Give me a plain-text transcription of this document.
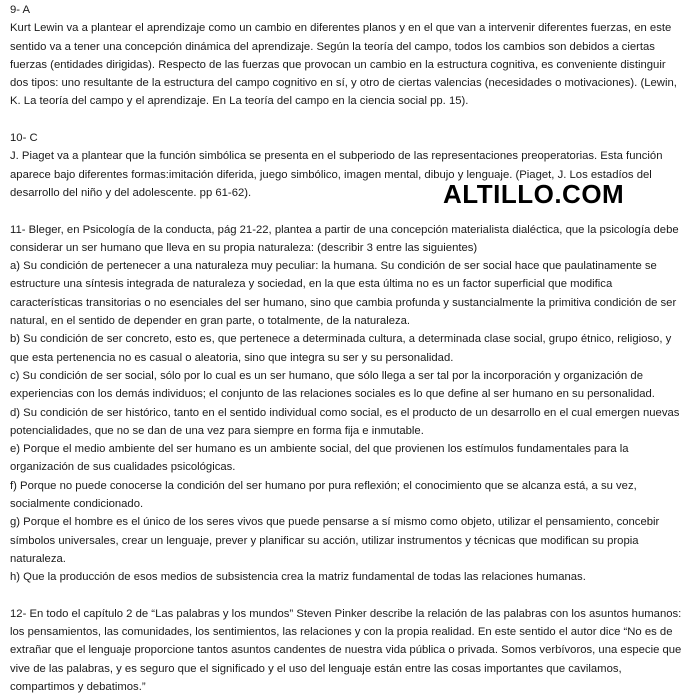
9- A

Kurt Lewin va a plantear el aprendizaje como un cambio en diferentes planos y en el que van a intervenir diferentes fuerzas, en este sentido va a tener una concepción dinámica del aprendizaje. Según la teoría del campo, todos los cambios son debidos a ciertas fuerzas (entidades dirigidas). Respecto de las fuerzas que provocan un cambio en la estructura cognitiva, es conveniente distinguir dos tipos: uno resultante de la estructura del campo cognitivo en sí, y otro de ciertas valencias (necesidades o motivaciones). (Lewin, K. La teoría del campo y el aprendizaje. En La teoría del campo en la ciencia social pp. 15).

10- C

J. Piaget va a plantear que la función simbólica se presenta en el subperiodo de las representaciones preoperatorias. Esta función aparece bajo diferentes formas:imitación diferida, juego simbólico, imagen mental, dibujo y lenguaje. (Piaget, J. Los estadíos del desarrollo del niño y del adolescente. pp 61-62).

11- Bleger, en Psicología de la conducta, pág 21-22, plantea a partir de una concepción materialista dialéctica, que la psicología debe considerar un ser humano que lleva en su propia naturaleza: (describir 3 entre las siguientes)

a) Su condición de pertenecer a una naturaleza muy peculiar: la humana. Su condición de ser social hace que paulatinamente se estructure una síntesis integrada de naturaleza y sociedad, en la que esta última no es un factor superficial que modifica características transitorias o no esenciales del ser humano, sino que cambia profunda y sustancialmente la primitiva condición de ser natural, en el sentido de depender en gran parte, o totalmente, de la naturaleza.

b) Su condición de ser concreto, esto es, que pertenece a determinada cultura, a determinada clase social, grupo étnico, religioso, y que esta pertenencia no es casual o aleatoria, sino que integra su ser y su personalidad.

c) Su condición de ser social, sólo por lo cual es un ser humano, que sólo llega a ser tal por la incorporación y organización de experiencias con los demás individuos; el conjunto de las relaciones sociales es lo que define al ser humano en su personalidad.

d) Su condición de ser histórico, tanto en el sentido individual como social, es el producto de un desarrollo en el cual emergen nuevas potencialidades, que no se dan de una vez para siempre en forma fija e inmutable.

e) Porque el medio ambiente del ser humano es un ambiente social, del que provienen los estímulos fundamentales para la organización de sus cualidades psicológicas.

f) Porque no puede conocerse la condición del ser humano por pura reflexión; el conocimiento que se alcanza está, a su vez, socialmente condicionado.

g) Porque el hombre es el único de los seres vivos que puede pensarse a sí mismo como objeto, utilizar el pensamiento, concebir símbolos universales, crear un lenguaje, prever y planificar su acción, utilizar instrumentos y técnicas que modifican su propia naturaleza.

h) Que la producción de esos medios de subsistencia crea la matriz fundamental de todas las relaciones humanas.

12- En todo el capítulo 2 de “Las palabras y los mundos” Steven Pinker describe la relación de las palabras con los asuntos humanos: los pensamientos, las comunidades, los sentimientos, las relaciones y con la propia realidad. En este sentido el autor dice “No es de extrañar que el lenguaje proporcione tantos asuntos candentes de nuestra vida pública o privada. Somos verbívoros, una especie que vive de las palabras, y es seguro que el significado y el uso del lenguaje están entre las cosas importantes que cavilamos, compartimos y debatimos.”

ALTILLO.COM
